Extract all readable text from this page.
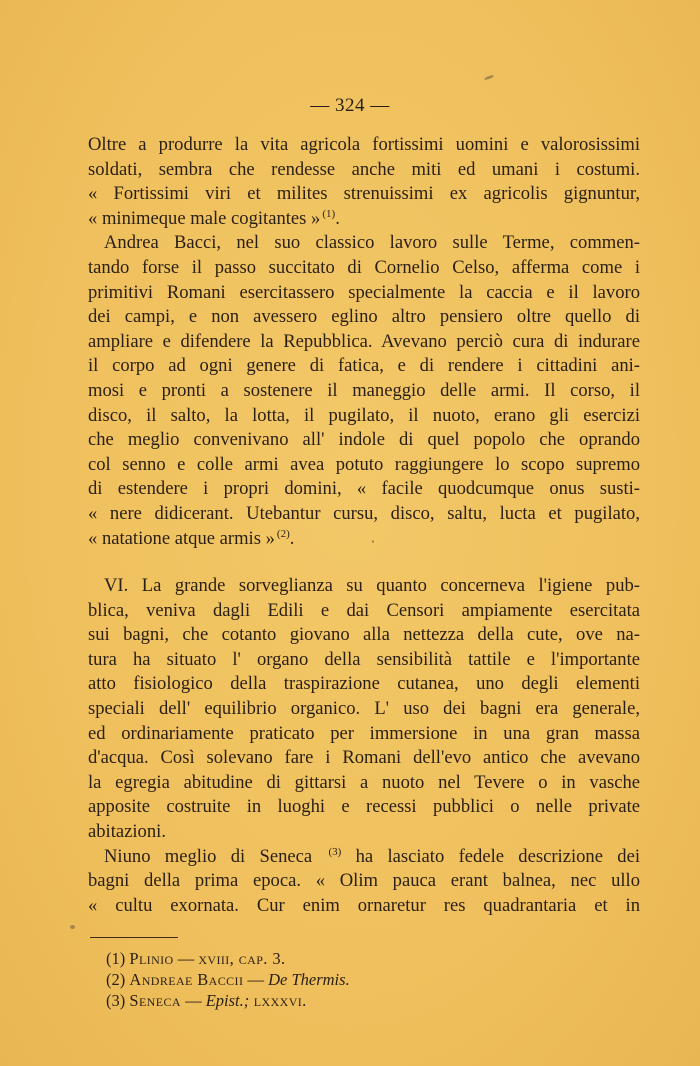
— 324 —
Oltre a produrre la vita agricola fortissimi uomini e valorosissimi
soldati, sembra che rendesse anche miti ed umani i costumi.
« Fortissimi viri et milites strenuissimi ex agricolis gignuntur,
« minimeque male cogitantes » $^{(1)}$.
Andrea Bacci, nel suo classico lavoro sulle Terme, commen-
tando forse il passo succitato di Cornelio Celso, afferma come i
primitivi Romani esercitassero specialmente la caccia e il lavoro
dei campi, e non avessero eglino altro pensiero oltre quello di
ampliare e difendere la Repubblica. Avevano perciò cura di indurare
il corpo ad ogni genere di fatica, e di rendere i cittadini ani-
mosi e pronti a sostenere il maneggio delle armi. Il corso, il
disco, il salto, la lotta, il pugilato, il nuoto, erano gli esercizi
che meglio convenivano all' indole di quel popolo che oprando
col senno e colle armi avea potuto raggiungere lo scopo supremo
di estendere i propri domini, « facile quodcumque onus susti-
« nere didicerant. Utebantur cursu, disco, saltu, lucta et pugilato,
« natatione atque armis » $^{(2)}$.
VI. La grande sorveglianza su quanto concerneva l'igiene pub-
blica, veniva dagli Edili e dai Censori ampiamente esercitata
sui bagni, che cotanto giovano alla nettezza della cute, ove na-
tura ha situato l' organo della sensibilità tattile e l'importante
atto fisiologico della traspirazione cutanea, uno degli elementi
speciali dell' equilibrio organico. L' uso dei bagni era generale,
ed ordinariamente praticato per immersione in una gran massa
d'acqua. Così solevano fare i Romani dell'evo antico che avevano
la egregia abitudine di gittarsi a nuoto nel Tevere o in vasche
apposite costruite in luoghi e recessi pubblici o nelle private
abitazioni.
Niuno meglio di Seneca $^{(3)}$ ha lasciato fedele descrizione dei
bagni della prima epoca. « Olim pauca erant balnea, nec ullo
« cultu exornata. Cur enim ornaretur res quadrantaria et in
(1) Plinio — xviii, cap. 3.
(2) Andreae Baccii — De Thermis.
(3) Seneca — Epist.; lxxxvi.
